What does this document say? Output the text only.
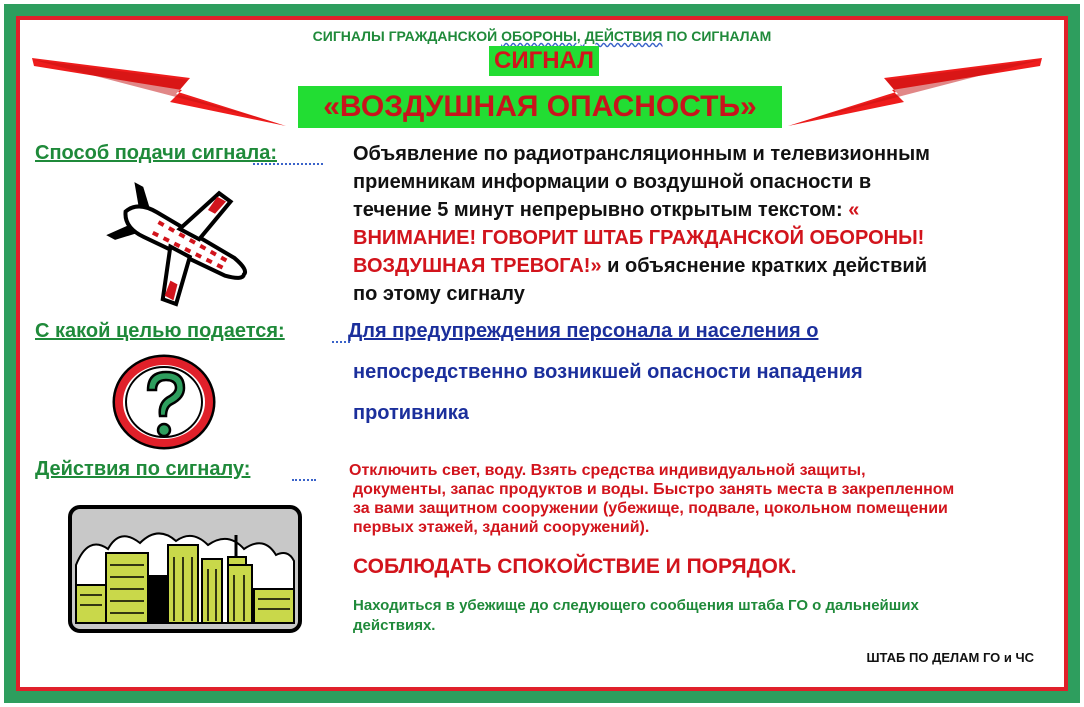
СИГНАЛЫ ГРАЖДАНСКОЙ ОБОРОНЫ, ДЕЙСТВИЯ ПО СИГНАЛАМ
СИГНАЛ
«ВОЗДУШНАЯ ОПАСНОСТЬ»
Способ подачи сигнала:	Объявление по радиотрансляционным и телевизионным
приемникам информации о воздушной опасности в
течение 5 минут непрерывно открытым текстом: «
ВНИМАНИЕ! ГОВОРИТ ШТАБ ГРАЖДАНСКОЙ ОБОРОНЫ!
ВОЗДУШНАЯ ТРЕВОГА!» и объяснение кратких действий
по этому сигналу
С какой целью подается:	Для предупреждения персонала и населения о
непосредственно возникшей опасности нападения
противника
Действия по сигналу:	Отключить свет, воду. Взять средства индивидуальной защиты,
документы, запас продуктов и воды. Быстро занять места в закрепленном
за вами защитном сооружении (убежище, подвале, цокольном помещении
первых этажей, зданий сооружений).
СОБЛЮДАТЬ СПОКОЙСТВИЕ И ПОРЯДОК.
Находиться в убежище до следующего сообщения штаба ГО о дальнейших
действиях.
ШТАБ ПО ДЕЛАМ ГО и ЧС
